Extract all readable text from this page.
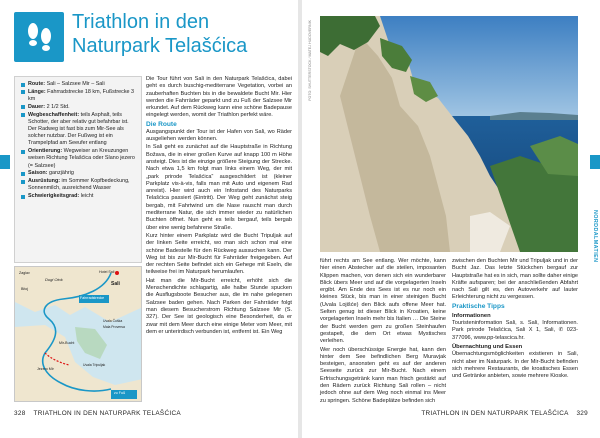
Triathlon in den
Naturpark Telašćica
Route: Sali – Salzsee Mir – Sali
Länge: Fahrradstrecke 18 km, Fußstrecke 3 km
Dauer: 2 1/2 Std.
Wegbeschaffenheit: teils Asphalt, teils Schotter, der aber relativ gut befahrbar ist. Der Radweg ist fast bis zum Mir-See als solcher nutzbar. Der Fußweg ist ein Trampelpfad am Seeufer entlang
Orientierung: Wegweiser an Kreuzungen weisen Richtung Telašćica oder Slano jezero (= Salzsee)
Saison: ganzjährig
Ausrüstung: im Sommer Kopfbedeckung, Sonnenmilch, ausreichend Wasser
Schwierigkeitsgrad: leicht
Sali
Hotel Sali
Zaglav
Bitoj
Dugi Otok
Fahrradstrecke
Uvala Čuška
Mala Proversa
Mir-Bucht
Jezero Mir
zu Fuß
Uvala Tripuljak

Die Tour führt von Sali in den Naturpark Telašćica, dabei geht es durch buschig-mediterrane Vegetation, vorbei an zauberhaften Buchten bis in die bewaldete Bucht Mir. Hier werden die Fahrräder geparkt und zu Fuß der Salzsee Mir erkundet. Auf dem Rückweg kann eine schöne Badepause eingelegt werden, womit der Triathlon perfekt wäre.

Die Route

Ausgangspunkt der Tour ist der Hafen von Sali, wo Räder ausgeliehen werden können.

In Sali geht es zunächst auf die Hauptstraße in Richtung Božava, die in einer großen Kurve auf knapp 100 m Höhe ansteigt. Dies ist die einzige größere Steigung der Strecke. Nach etwa 1,5 km folgt man links einem Weg, der mit „park prirode Telašćica“ ausgeschildert ist (kleiner Parkplatz vis-à-vis, falls man mit Auto und eigenem Rad anreist). Hier wird auch ein Infostand des Naturparks Telašćica passiert (Eintritt). Der Weg geht zunächst steig bergab, mit Fahrtwind um die Nase rauscht man durch mediterrane Natur, die sich immer wieder zu natürlichen Buchten öffnet. Nun geht es teils bergauf, teils bergab über eine wenig befahrene Straße.

Kurz hinter einem Parkplatz wird die Bucht Tripuljak auf der linken Seite erreicht, wo man sich schon mal eine schöne Badestelle für den Rückweg aussuchen kann. Der Weg ist bis zur Mir-Bucht für Fahrräder freigegeben. Auf der rechten Seite befindet sich ein Gehege mit Eseln, die teilweise frei im Naturpark herumlaufen.

Hat man die Mir-Bucht erreicht, erhöht sich die Menschendichte schlagartig, alle halbe Stunde spucken die Ausflugsboote Besucher aus, die im nahe gelegenen Salzsee baden gehen. Nach Parken der Fahrräder folgt man diesem Besucherstrom Richtung Salzsee Mir (S. 327). Der See ist geologisch eine Besonderheit, da er zwar mit dem Meer durch eine einige Meter vom Meer, mit dem er unterirdisch verbunden ist, entfernt ist. Ein Weg

328 TRIATHLON IN DEN NATURPARK TELAŠĆICA
FOTO: SHUTTERSTOCK / MATEJ HUDOVERNIK

führt rechts am See entlang. Wer möchte, kann hier einen Abstecher auf die steilen, imposanten Klippen machen, von denen sich ein wunderbarer Blick übers Meer und auf die vorgelagerten Inseln ergibt. Am Ende des Sees ist es nur noch ein kleines Stück, bis man in einer steinigen Bucht (Uvala Lojišće) den Blick aufs offene Meer hat. Selten genug ist dieser Blick in Kroatien, keine vorgelagerten Inseln mehr bis Italien … Die Steine der Bucht werden gern zu großen Steinhaufen gestapelt, die dem Ort etwas Mystisches verleihen.

Wer noch überschüssige Energie hat, kann den hinter dem See befindlichen Berg Muravjak besteigen, ansonsten geht es auf der anderen Seeseite zurück zur Mir-Bucht. Nach einem Erfrischungsgetränk kann man frisch gestärkt auf den Rädern zurück Richtung Sali rollen – nicht jedoch ohne auf dem Weg noch einmal ins Meer zu springen. Schöne Badeplätze befinden sich

zwischen den Buchten Mir und Tripuljak und in der Bucht Jaz. Das letzte Stückchen bergauf zur Hauptstraße hat es in sich, man sollte daher einige Kräfte aufsparen; bei der anschließenden Abfahrt nach Sali gilt es, den Autoverkehr auf lauter Erleichterung nicht zu vergessen.

Praktische Tipps
Informationen

Touristeninformation Sali, s. Sali, Informationen. Park prirode Telašćica, Sali X 1, Sali, ✆ 023-377096, www.pp-telascica.hr.

Übernachtung und Essen

Übernachtungsmöglichkeiten existieren in Sali, nicht aber im Naturpark. In der Mir-Bucht befinden sich mehrere Restaurants, die kroatisches Essen und Getränke anbieten, sowie mehrere Kioske.

TRIATHLON IN DEN NATURPARK TELAŠĆICA 329
NORDDALMATIEN
